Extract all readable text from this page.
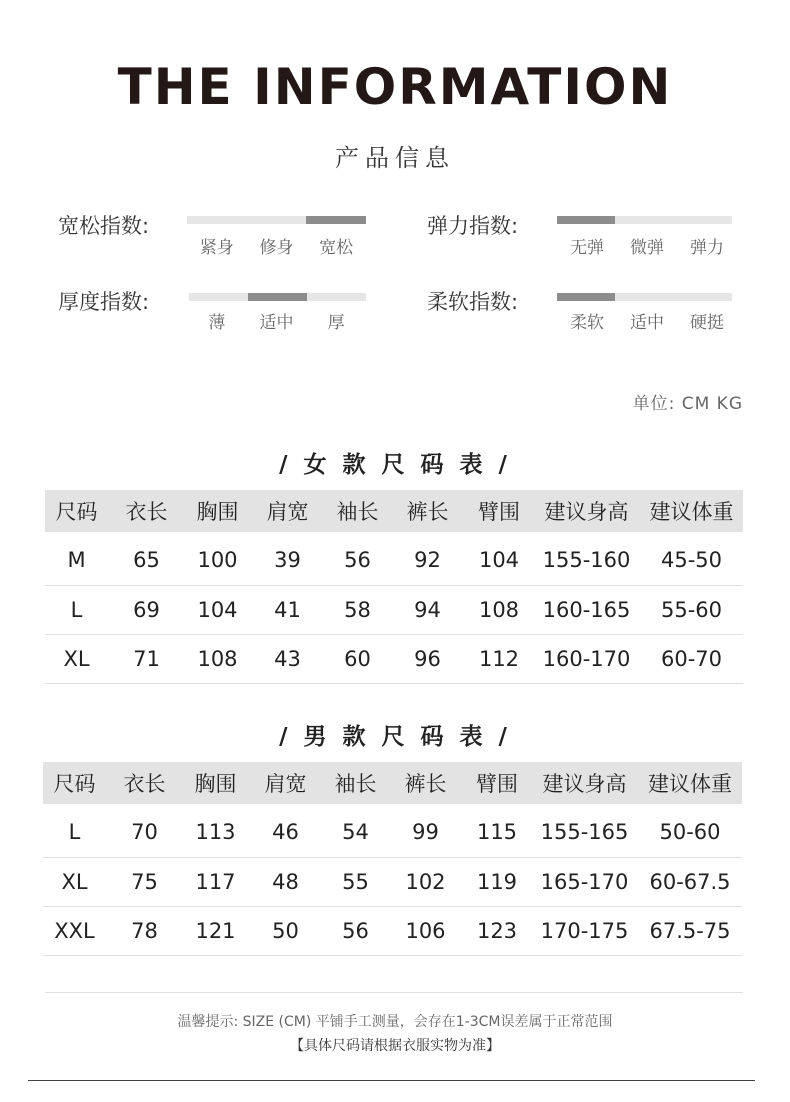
THE INFORMATION
产品信息
宽松指数:
紧身	修身	宽松
弹力指数:
无弹	微弹	弹力
厚度指数:
薄	适中	厚
柔软指数:
柔软	适中	硬挺
单位: CM KG
/ 女 款 尺 码 表 /
尺码	衣长	胸围	肩宽	袖长	裤长	臂围	建议身高	建议体重

M	65	100	39	56	92	104	155-160	45-50
L	69	104	41	58	94	108	160-165	55-60
XL	71	108	43	60	96	112	160-170	60-70
/ 男 款 尺 码 表 /
尺码	衣长	胸围	肩宽	袖长	裤长	臂围	建议身高	建议体重

L	70	113	46	54	99	115	155-165	50-60
XL	75	117	48	55	102	119	165-170	60-67.5
XXL	78	121	50	56	106	123	170-175	67.5-75
温馨提示: SIZE (CM) 平铺手工测量，会存在1-3CM误差属于正常范围
【具体尺码请根据衣服实物为准】
